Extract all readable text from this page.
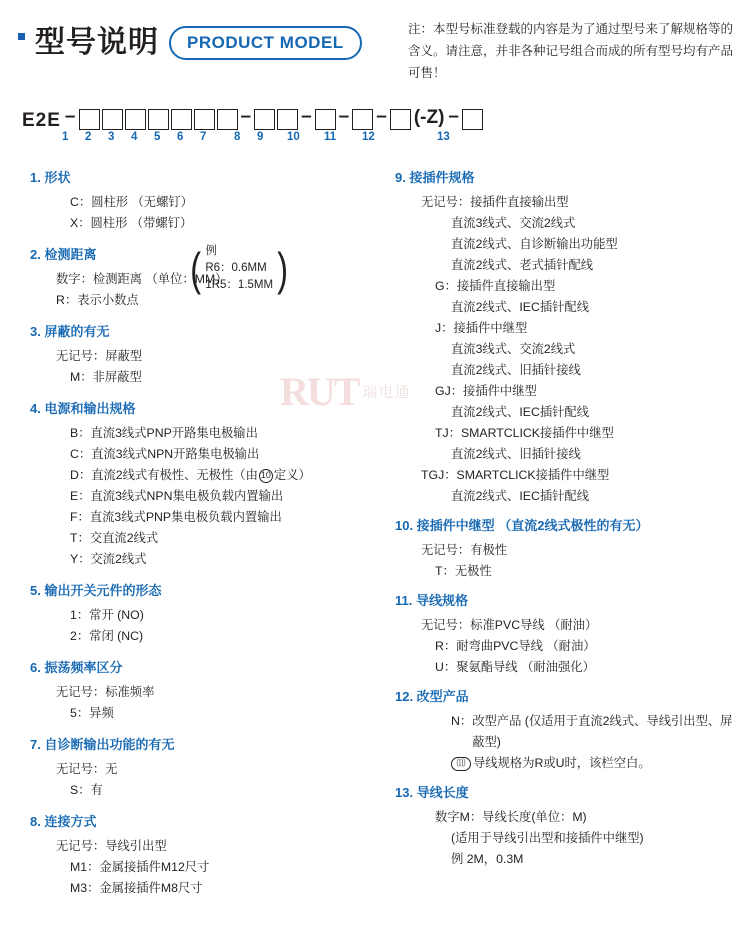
型号说明	PRODUCT MODEL
注：本型号标准登载的内容是为了通过型号来了解规格等的含义。请注意，并非各种记号组合而成的所有型号均有产品可售！
E2E –	–	– – – (-Z) –
1 2 3 4 5 6 7 8 9 10 11 12	13
RUT 瑞电通
1. 形状
C： 圆柱形 （无螺钉）
X： 圆柱形 （带螺钉）
2. 检测距离
数字： 检测距离 （单位：MM）
R： 表示小数点
( 例
R6：0.6MM
1R5：1.5MM )
3. 屏蔽的有无
无记号： 屏蔽型
M： 非屏蔽型
4. 电源和输出规格
B： 直流3线式PNP开路集电极输出
C： 直流3线式NPN开路集电极输出
D： 直流2线式有极性、无极性（由 10 定义）
E： 直流3线式NPN集电极负载内置输出
F： 直流3线式PNP集电极负载内置输出
T： 交直流2线式
Y： 交流2线式
5. 输出开关元件的形态
1： 常开 (NO)
2： 常闭 (NC)
6. 振荡频率区分
无记号： 标准频率
5： 异频
7. 自诊断输出功能的有无
无记号： 无
S： 有
8. 连接方式
无记号： 导线引出型
M1： 金属接插件M12尺寸
M3： 金属接插件M8尺寸
9. 接插件规格
无记号： 接插件直接输出型
直流3线式、交流2线式
直流2线式、自诊断输出功能型
直流2线式、老式插针配线
G： 接插件直接输出型
直流2线式、IEC插针配线
J： 接插件中继型
直流3线式、交流2线式
直流2线式、旧插针接线
GJ： 接插件中继型
直流2线式、IEC插针配线
TJ： SMARTCLICK接插件中继型
直流2线式、旧插针接线
TGJ： SMARTCLICK接插件中继型
直流2线式、IEC插针配线
10. 接插件中继型 （直流2线式极性的有无）
无记号： 有极性
T： 无极性
11. 导线规格
无记号： 标准PVC导线 （耐油）
R： 耐弯曲PVC导线 （耐油）
U： 聚氨酯导线 （耐油强化）
12. 改型产品
N： 改型产品 (仅适用于直流2线式、导线引出型、屏蔽型)
⑾ 导线规格为R或U时，该栏空白。
13. 导线长度
数字M： 导线长度(单位：M)
(适用于导线引出型和接插件中继型)
例 2M，0.3M
